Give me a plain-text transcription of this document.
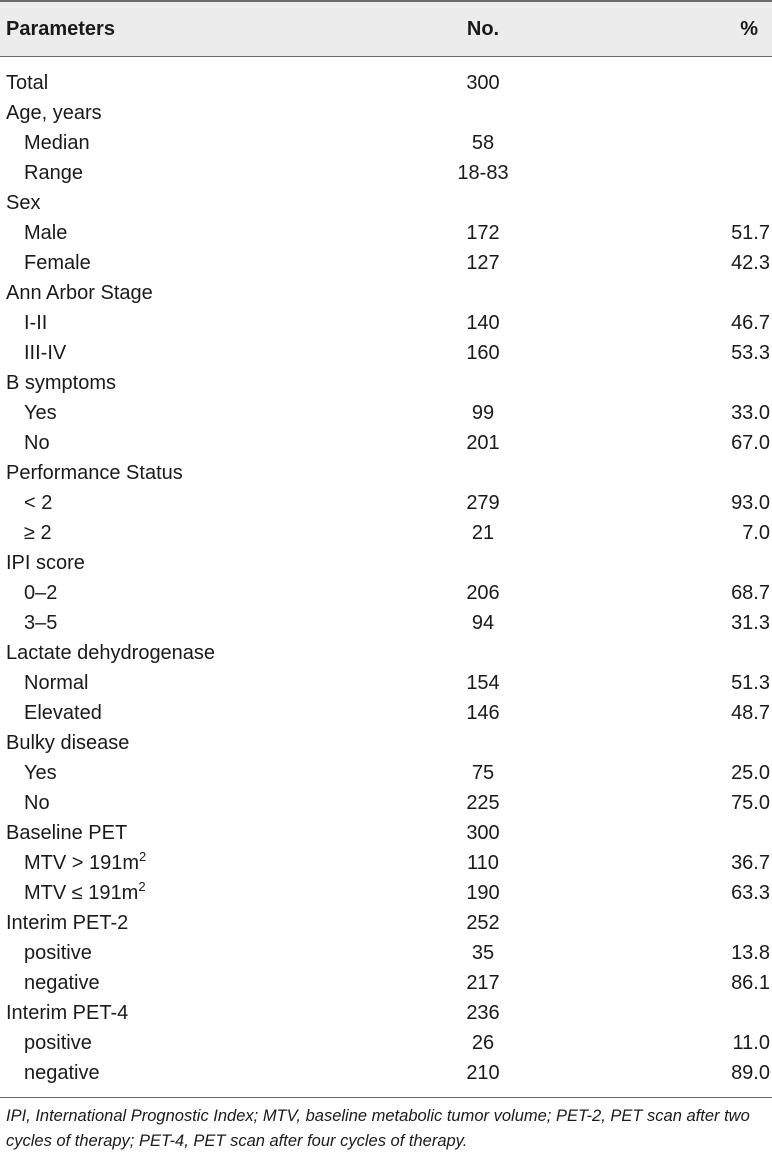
Parameters	No.	%
Total	300
Age, years
Median	58
Range	18-83
Sex
Male	172	51.7
Female	127	42.3
Ann Arbor Stage
I-II	140	46.7
III-IV	160	53.3
B symptoms
Yes	99	33.0
No	201	67.0
Performance Status
< 2	279	93.0
≥ 2	21	7.0
IPI score
0–2	206	68.7
3–5	94	31.3
Lactate dehydrogenase
Normal	154	51.3
Elevated	146	48.7
Bulky disease
Yes	75	25.0
No	225	75.0
Baseline PET	300
MTV > $191m^2$	110	36.7
MTV ≤ $191m^2$	190	63.3
Interim PET-2	252
positive	35	13.8
negative	217	86.1
Interim PET-4	236
positive	26	11.0
negative	210	89.0
IPI, International Prognostic Index; MTV, baseline metabolic tumor volume; PET-2, PET scan after two cycles of therapy; PET-4, PET scan after four cycles of therapy.
